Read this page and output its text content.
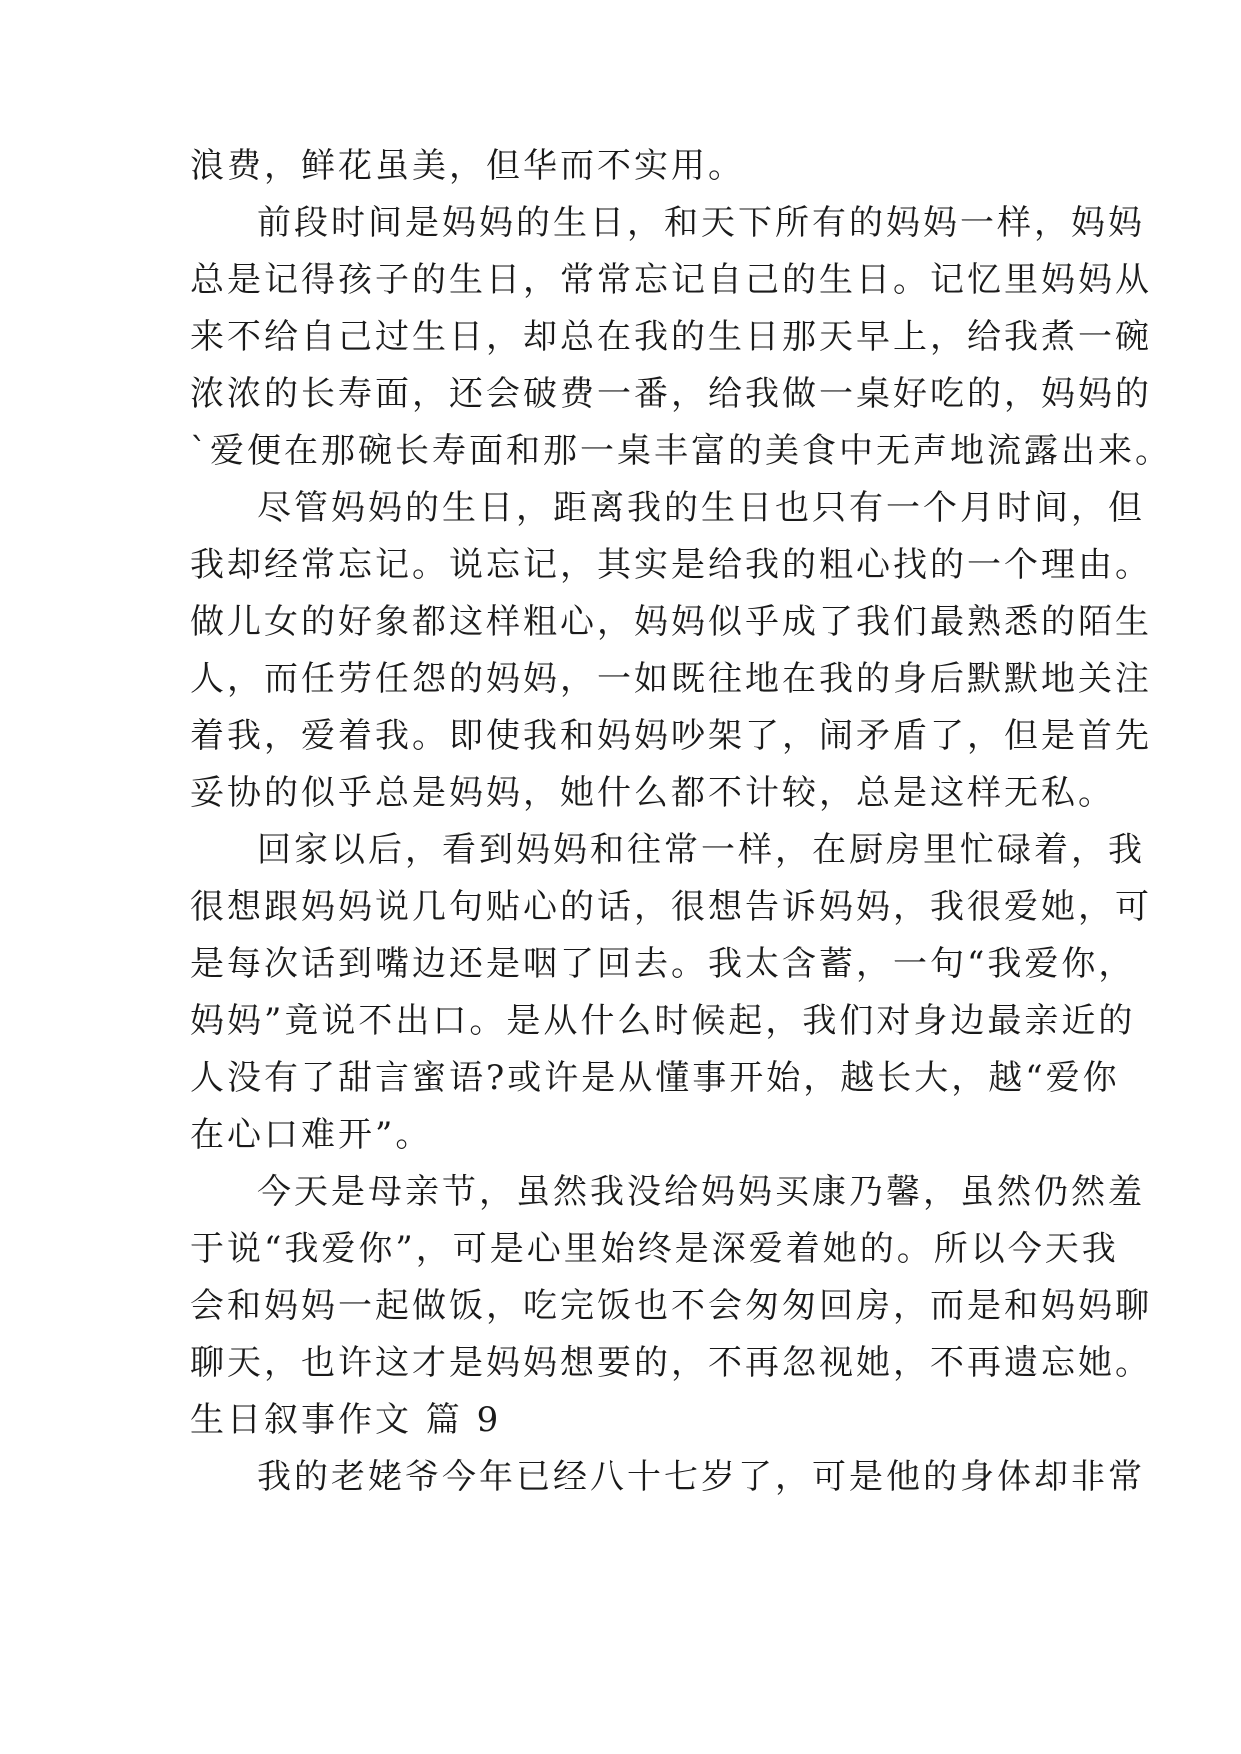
浪费，鲜花虽美，但华而不实用。
前段时间是妈妈的生日，和天下所有的妈妈一样，妈妈
总是记得孩子的生日，常常忘记自己的生日。记忆里妈妈从
来不给自己过生日，却总在我的生日那天早上，给我煮一碗
浓浓的长寿面，还会破费一番，给我做一桌好吃的，妈妈的
`爱便在那碗长寿面和那一桌丰富的美食中无声地流露出来。
尽管妈妈的生日，距离我的生日也只有一个月时间，但
我却经常忘记。说忘记，其实是给我的粗心找的一个理由。
做儿女的好象都这样粗心，妈妈似乎成了我们最熟悉的陌生
人，而任劳任怨的妈妈，一如既往地在我的身后默默地关注
着我，爱着我。即使我和妈妈吵架了，闹矛盾了，但是首先
妥协的似乎总是妈妈，她什么都不计较，总是这样无私。
回家以后，看到妈妈和往常一样，在厨房里忙碌着，我
很想跟妈妈说几句贴心的话，很想告诉妈妈，我很爱她，可
是每次话到嘴边还是咽了回去。我太含蓄，一句“我爱你，
妈妈”竟说不出口。是从什么时候起，我们对身边最亲近的
人没有了甜言蜜语?或许是从懂事开始，越长大，越“爱你
在心口难开”。
今天是母亲节，虽然我没给妈妈买康乃馨，虽然仍然羞
于说“我爱你”，可是心里始终是深爱着她的。所以今天我
会和妈妈一起做饭，吃完饭也不会匆匆回房，而是和妈妈聊
聊天，也许这才是妈妈想要的，不再忽视她，不再遗忘她。
生日叙事作文 篇 9
我的老姥爷今年已经八十七岁了，可是他的身体却非常
